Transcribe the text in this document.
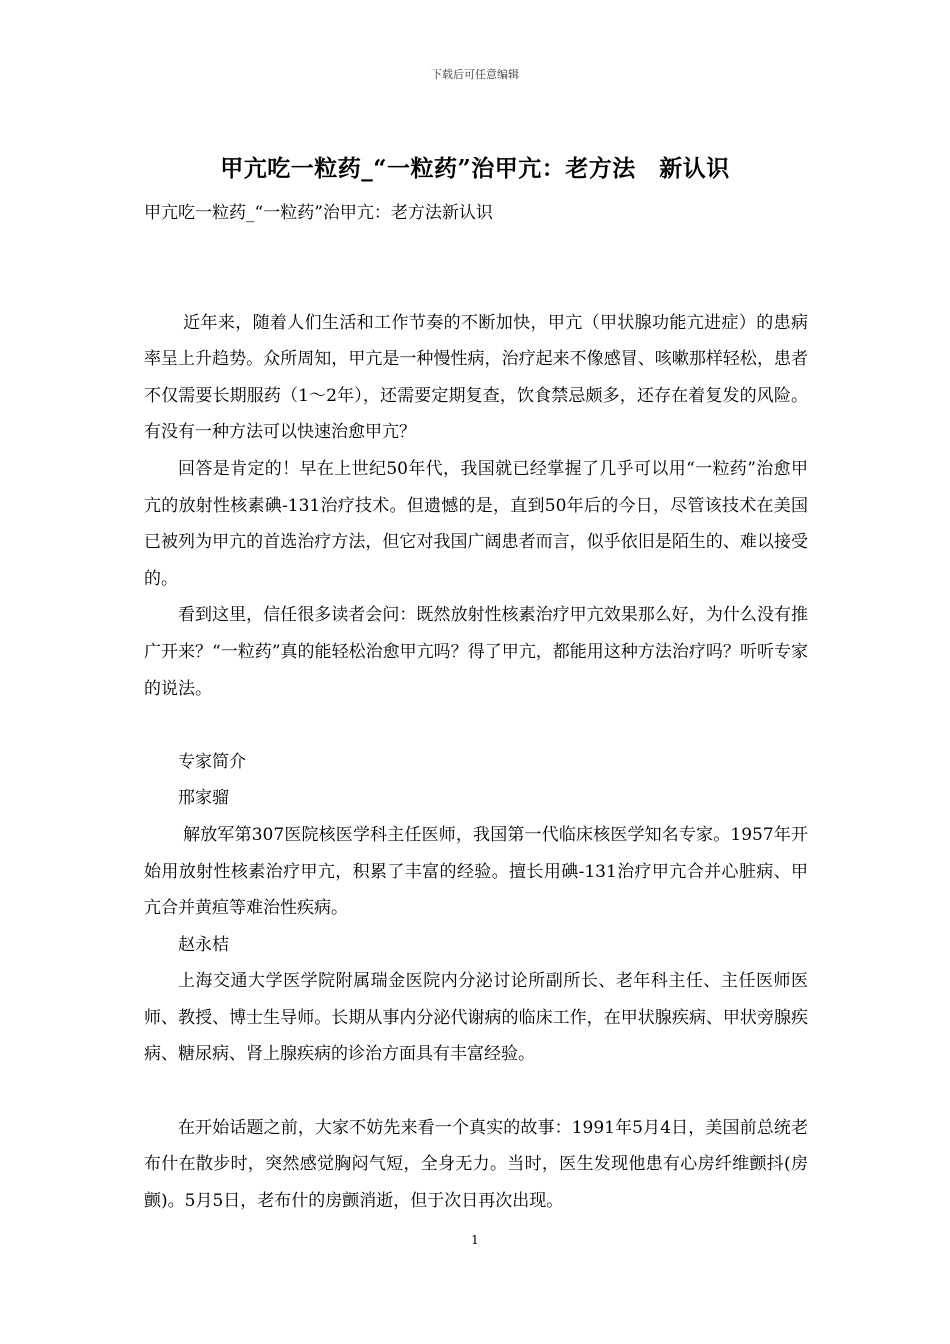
下载后可任意编辑
甲亢吃一粒药_“一粒药”治甲亢：老方法　新认识
甲亢吃一粒药_“一粒药”治甲亢：老方法新认识

近年来，随着人们生活和工作节奏的不断加快，甲亢（甲状腺功能亢进症）的患病率呈上升趋势。众所周知，甲亢是一种慢性病，治疗起来不像感冒、咳嗽那样轻松，患者不仅需要长期服药（1～2年），还需要定期复查，饮食禁忌颇多，还存在着复发的风险。有没有一种方法可以快速治愈甲亢？

回答是肯定的！早在上世纪50年代，我国就已经掌握了几乎可以用“一粒药”治愈甲亢的放射性核素碘-131治疗技术。但遗憾的是，直到50年后的今日，尽管该技术在美国已被列为甲亢的首选治疗方法，但它对我国广阔患者而言，似乎依旧是陌生的、难以接受的。

看到这里，信任很多读者会问：既然放射性核素治疗甲亢效果那么好，为什么没有推广开来？“一粒药”真的能轻松治愈甲亢吗？得了甲亢，都能用这种方法治疗吗？听听专家的说法。

专家简介

邢家骝

解放军第307医院核医学科主任医师，我国第一代临床核医学知名专家。1957年开始用放射性核素治疗甲亢，积累了丰富的经验。擅长用碘-131治疗甲亢合并心脏病、甲亢合并黄疸等难治性疾病。

赵永桔

上海交通大学医学院附属瑞金医院内分泌讨论所副所长、老年科主任、主任医师医师、教授、博士生导师。长期从事内分泌代谢病的临床工作，在甲状腺疾病、甲状旁腺疾病、糖尿病、肾上腺疾病的诊治方面具有丰富经验。

在开始话题之前，大家不妨先来看一个真实的故事：1991年5月4日，美国前总统老布什在散步时，突然感觉胸闷气短，全身无力。当时，医生发现他患有心房纤维颤抖(房颤)。5月5日，老布什的房颤消逝，但于次日再次出现。

1
